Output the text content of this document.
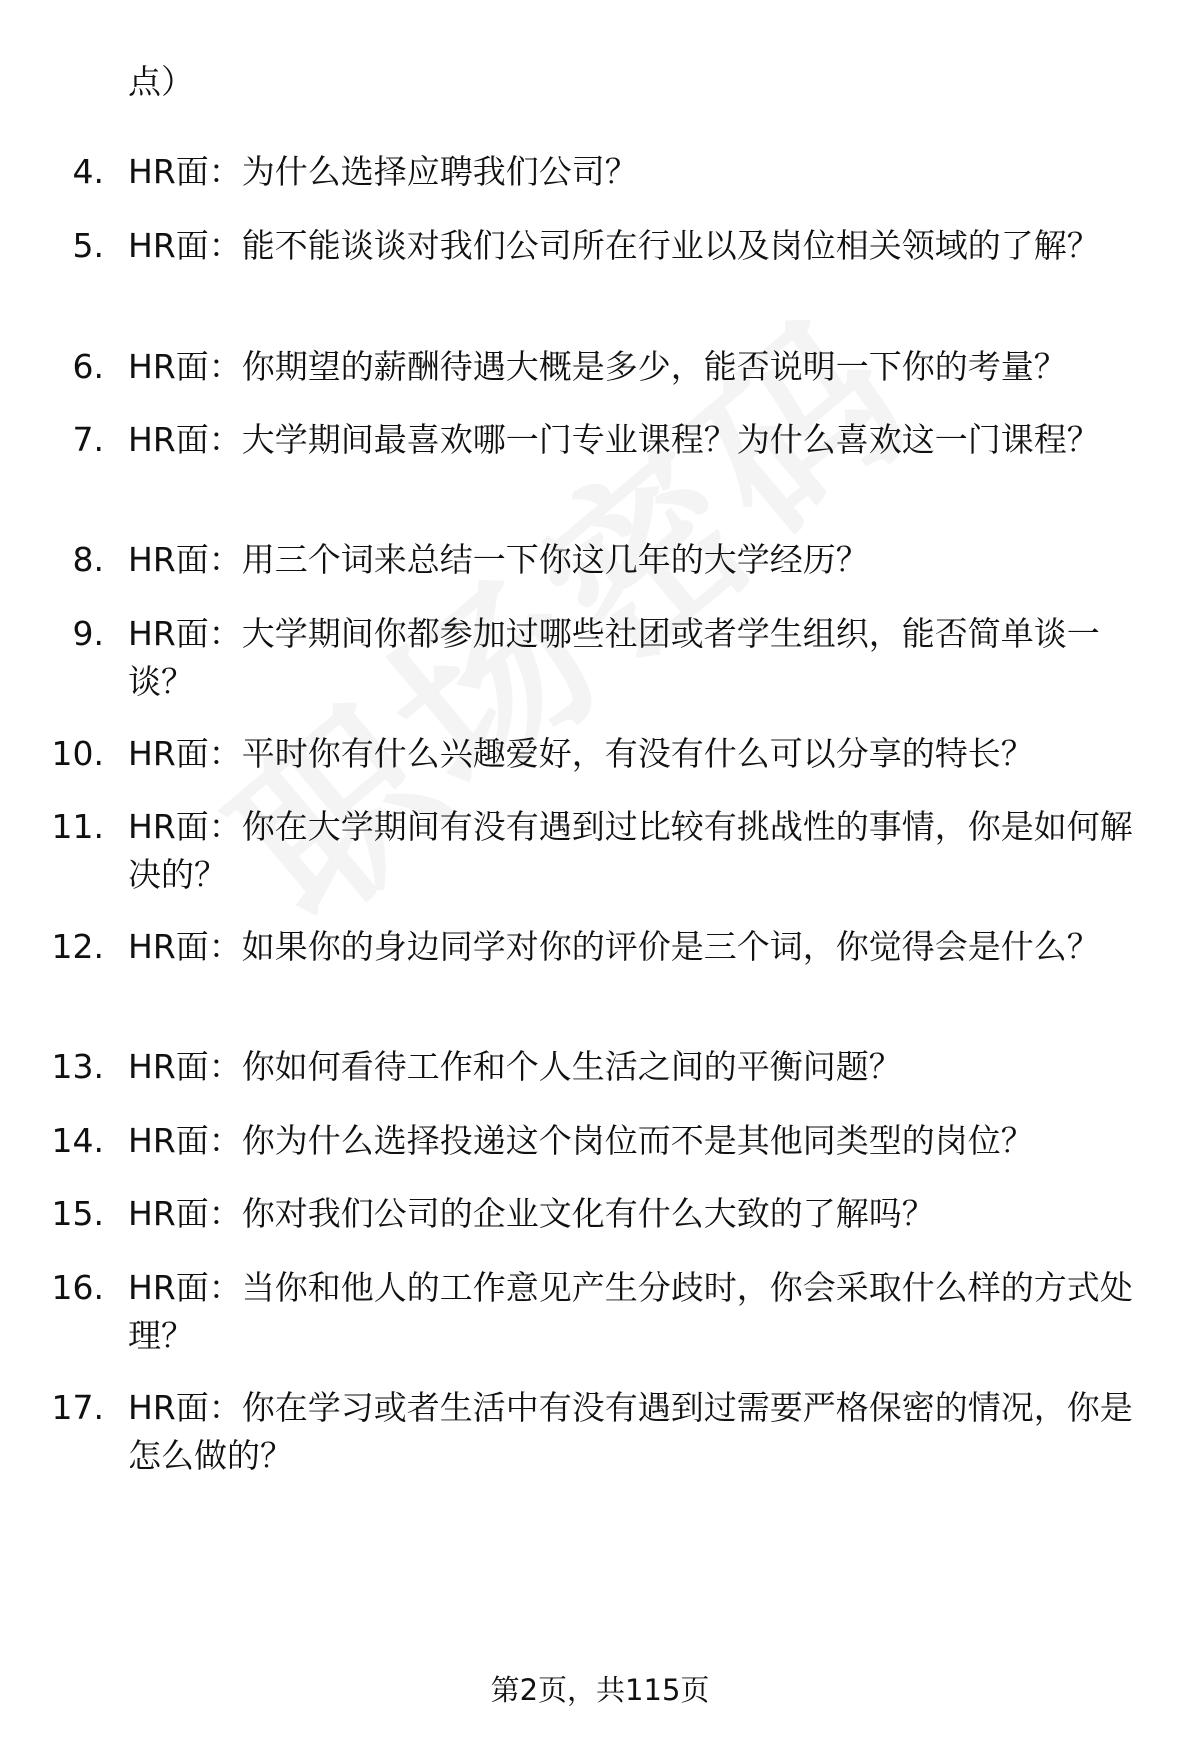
点）
4. HR面：为什么选择应聘我们公司？
5. HR面：能不能谈谈对我们公司所在行业以及岗位相关领域的了解？
6. HR面：你期望的薪酬待遇大概是多少，能否说明一下你的考量？
7. HR面：大学期间最喜欢哪一门专业课程？为什么喜欢这一门课程？
8. HR面：用三个词来总结一下你这几年的大学经历？
9. HR面：大学期间你都参加过哪些社团或者学生组织，能否简单谈一谈？
10. HR面：平时你有什么兴趣爱好，有没有什么可以分享的特长？
11. HR面：你在大学期间有没有遇到过比较有挑战性的事情，你是如何解决的？
12. HR面：如果你的身边同学对你的评价是三个词，你觉得会是什么？
13. HR面：你如何看待工作和个人生活之间的平衡问题？
14. HR面：你为什么选择投递这个岗位而不是其他同类型的岗位？
15. HR面：你对我们公司的企业文化有什么大致的了解吗？
16. HR面：当你和他人的工作意见产生分歧时，你会采取什么样的方式处理？
17. HR面：你在学习或者生活中有没有遇到过需要严格保密的情况，你是怎么做的？
第2页，共115页
